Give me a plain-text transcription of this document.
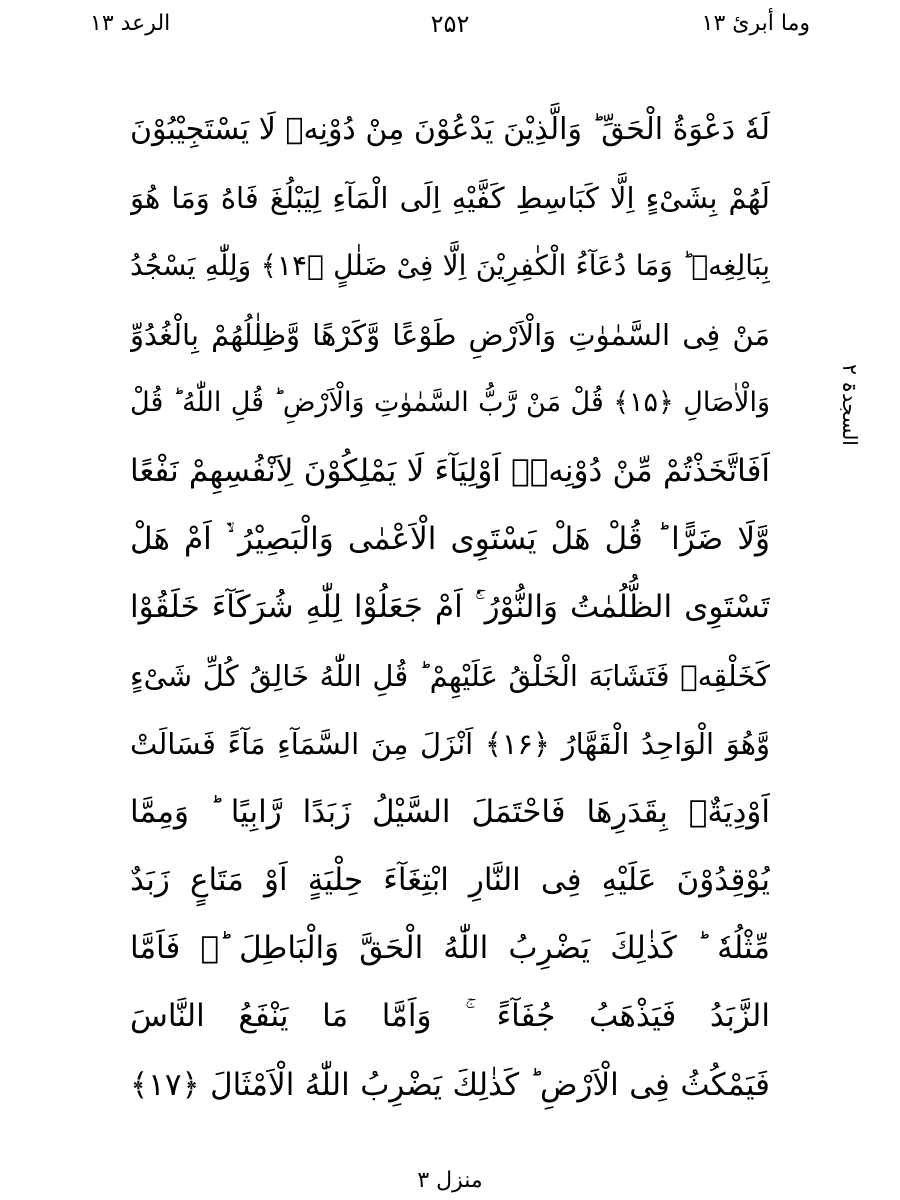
وما أبرئ ۱۳
۲۵۲
الرعد ۱۳
لَهٗ دَعْوَةُ الْحَقِّ ؕ وَالَّذِیْنَ یَدْعُوْنَ مِنْ دُوْنِهٖ لَا یَسْتَجِیْبُوْنَ
لَهُمْ بِشَیْءٍ اِلَّا كَبَاسِطِ كَفَّیْهِ اِلَی الْمَآءِ لِیَبْلُغَ فَاهُ وَمَا هُوَ
بِبَالِغِهٖ ؕ وَمَا دُعَآءُ الْكٰفِرِیْنَ اِلَّا فِیْ ضَلٰلٍ ﴿۱۴﴾ وَلِلّٰهِ یَسْجُدُ
مَنْ فِی السَّمٰوٰتِ وَالْاَرْضِ طَوْعًا وَّكَرْهًا وَّظِلٰلُهُمْ بِالْغُدُوِّ
وَالْاٰصَالِ ﴿۱۵﴾ قُلْ مَنْ رَّبُّ السَّمٰوٰتِ وَالْاَرْضِ ؕ قُلِ اللّٰهُ ؕ قُلْ
اَفَاتَّخَذْتُمْ مِّنْ دُوْنِهٖۤ اَوْلِیَآءَ لَا یَمْلِكُوْنَ لِاَنْفُسِهِمْ نَفْعًا
وَّلَا ضَرًّا ؕ قُلْ هَلْ یَسْتَوِی الْاَعْمٰی وَالْبَصِیْرُ ۙ۬ اَمْ هَلْ
تَسْتَوِی الظُّلُمٰتُ وَالنُّوْرُ ۚ۬ اَمْ جَعَلُوْا لِلّٰهِ شُرَكَآءَ خَلَقُوْا
كَخَلْقِهٖ فَتَشَابَهَ الْخَلْقُ عَلَیْهِمْ ؕ قُلِ اللّٰهُ خَالِقُ كُلِّ شَیْءٍ
وَّهُوَ الْوَاحِدُ الْقَهَّارُ ﴿۱۶﴾ اَنْزَلَ مِنَ السَّمَآءِ مَآءً فَسَالَتْ
اَوْدِیَةٌۢ بِقَدَرِهَا فَاحْتَمَلَ السَّیْلُ زَبَدًا رَّابِیًا ؕ وَمِمَّا
یُوْقِدُوْنَ عَلَیْهِ فِی النَّارِ ابْتِغَآءَ حِلْیَةٍ اَوْ مَتَاعٍ زَبَدٌ
مِّثْلُهٗ ؕ كَذٰلِكَ یَضْرِبُ اللّٰهُ الْحَقَّ وَالْبَاطِلَ ؕ۬ فَاَمَّا
الزَّبَدُ فَیَذْهَبُ جُفَآءً ۚ وَاَمَّا مَا یَنْفَعُ النَّاسَ
فَیَمْكُثُ فِی الْاَرْضِ ؕ كَذٰلِكَ یَضْرِبُ اللّٰهُ الْاَمْثَالَ ﴿۱۷﴾
السجدۃ ۲
منزل ۳
